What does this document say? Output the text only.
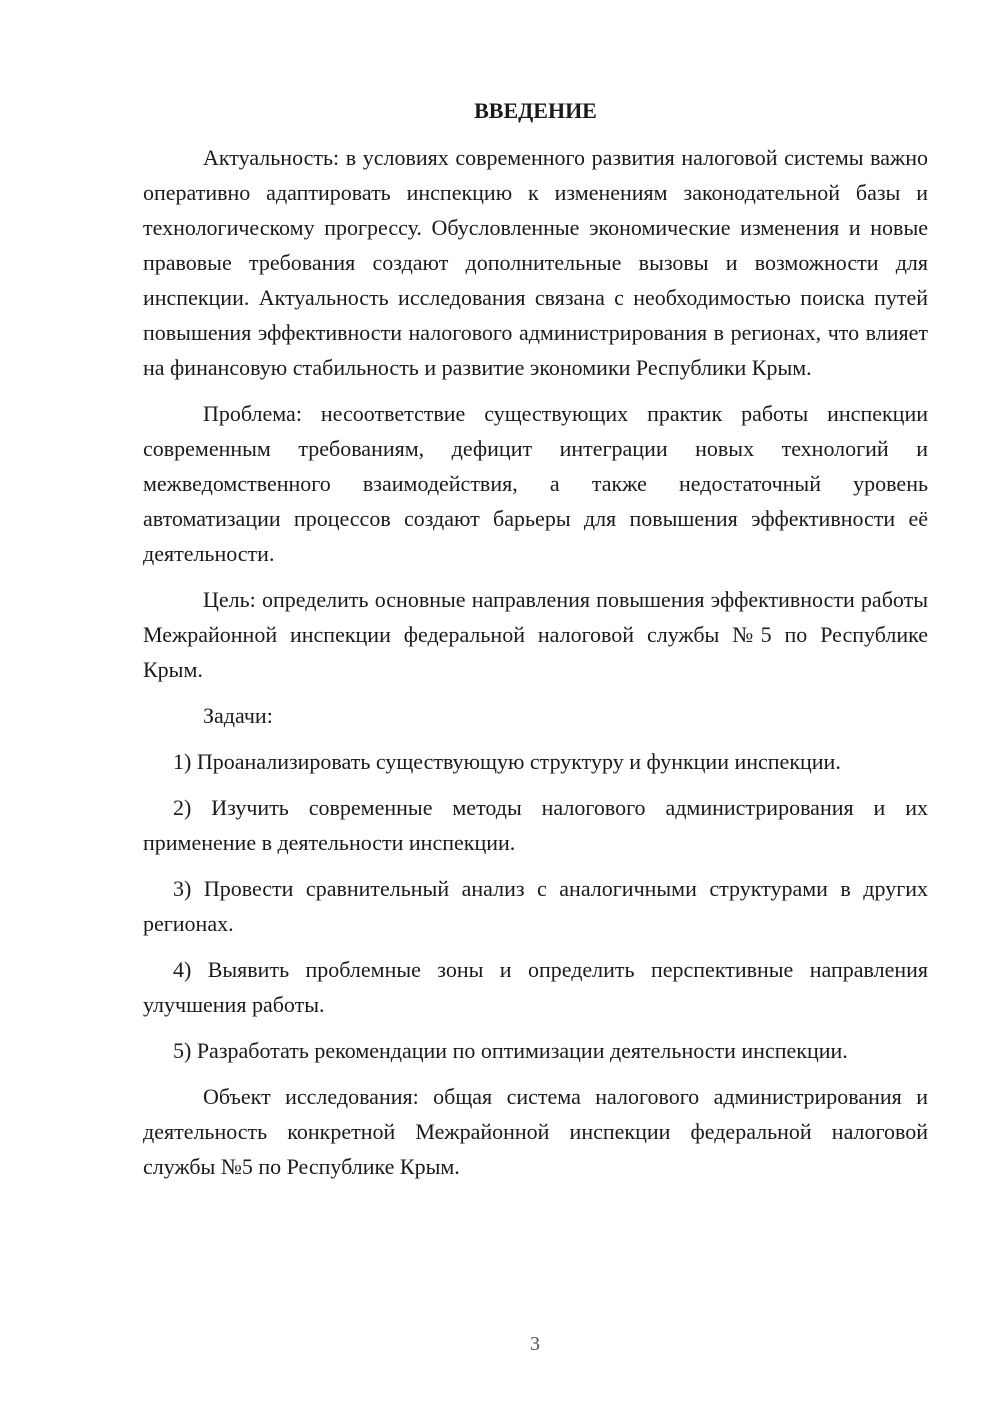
ВВЕДЕНИЕ

Актуальность: в условиях современного развития налоговой системы важно оперативно адаптировать инспекцию к изменениям законодательной базы и технологическому прогрессу. Обусловленные экономические изменения и новые правовые требования создают дополнительные вызовы и возможности для инспекции. Актуальность исследования связана с необходимостью поиска путей повышения эффективности налогового администрирования в регионах, что влияет на финансовую стабильность и развитие экономики Республики Крым.

Проблема: несоответствие существующих практик работы инспекции современным требованиям, дефицит интеграции новых технологий и межведомственного взаимодействия, а также недостаточный уровень автоматизации процессов создают барьеры для повышения эффективности её деятельности.

Цель: определить основные направления повышения эффективности работы Межрайонной инспекции федеральной налоговой службы №5 по Республике Крым.

Задачи:

1) Проанализировать существующую структуру и функции инспекции.

2) Изучить современные методы налогового администрирования и их применение в деятельности инспекции.

3) Провести сравнительный анализ с аналогичными структурами в других регионах.

4) Выявить проблемные зоны и определить перспективные направления улучшения работы.

5) Разработать рекомендации по оптимизации деятельности инспекции.

Объект исследования: общая система налогового администрирования и деятельность конкретной Межрайонной инспекции федеральной налоговой службы №5 по Республике Крым.

3
